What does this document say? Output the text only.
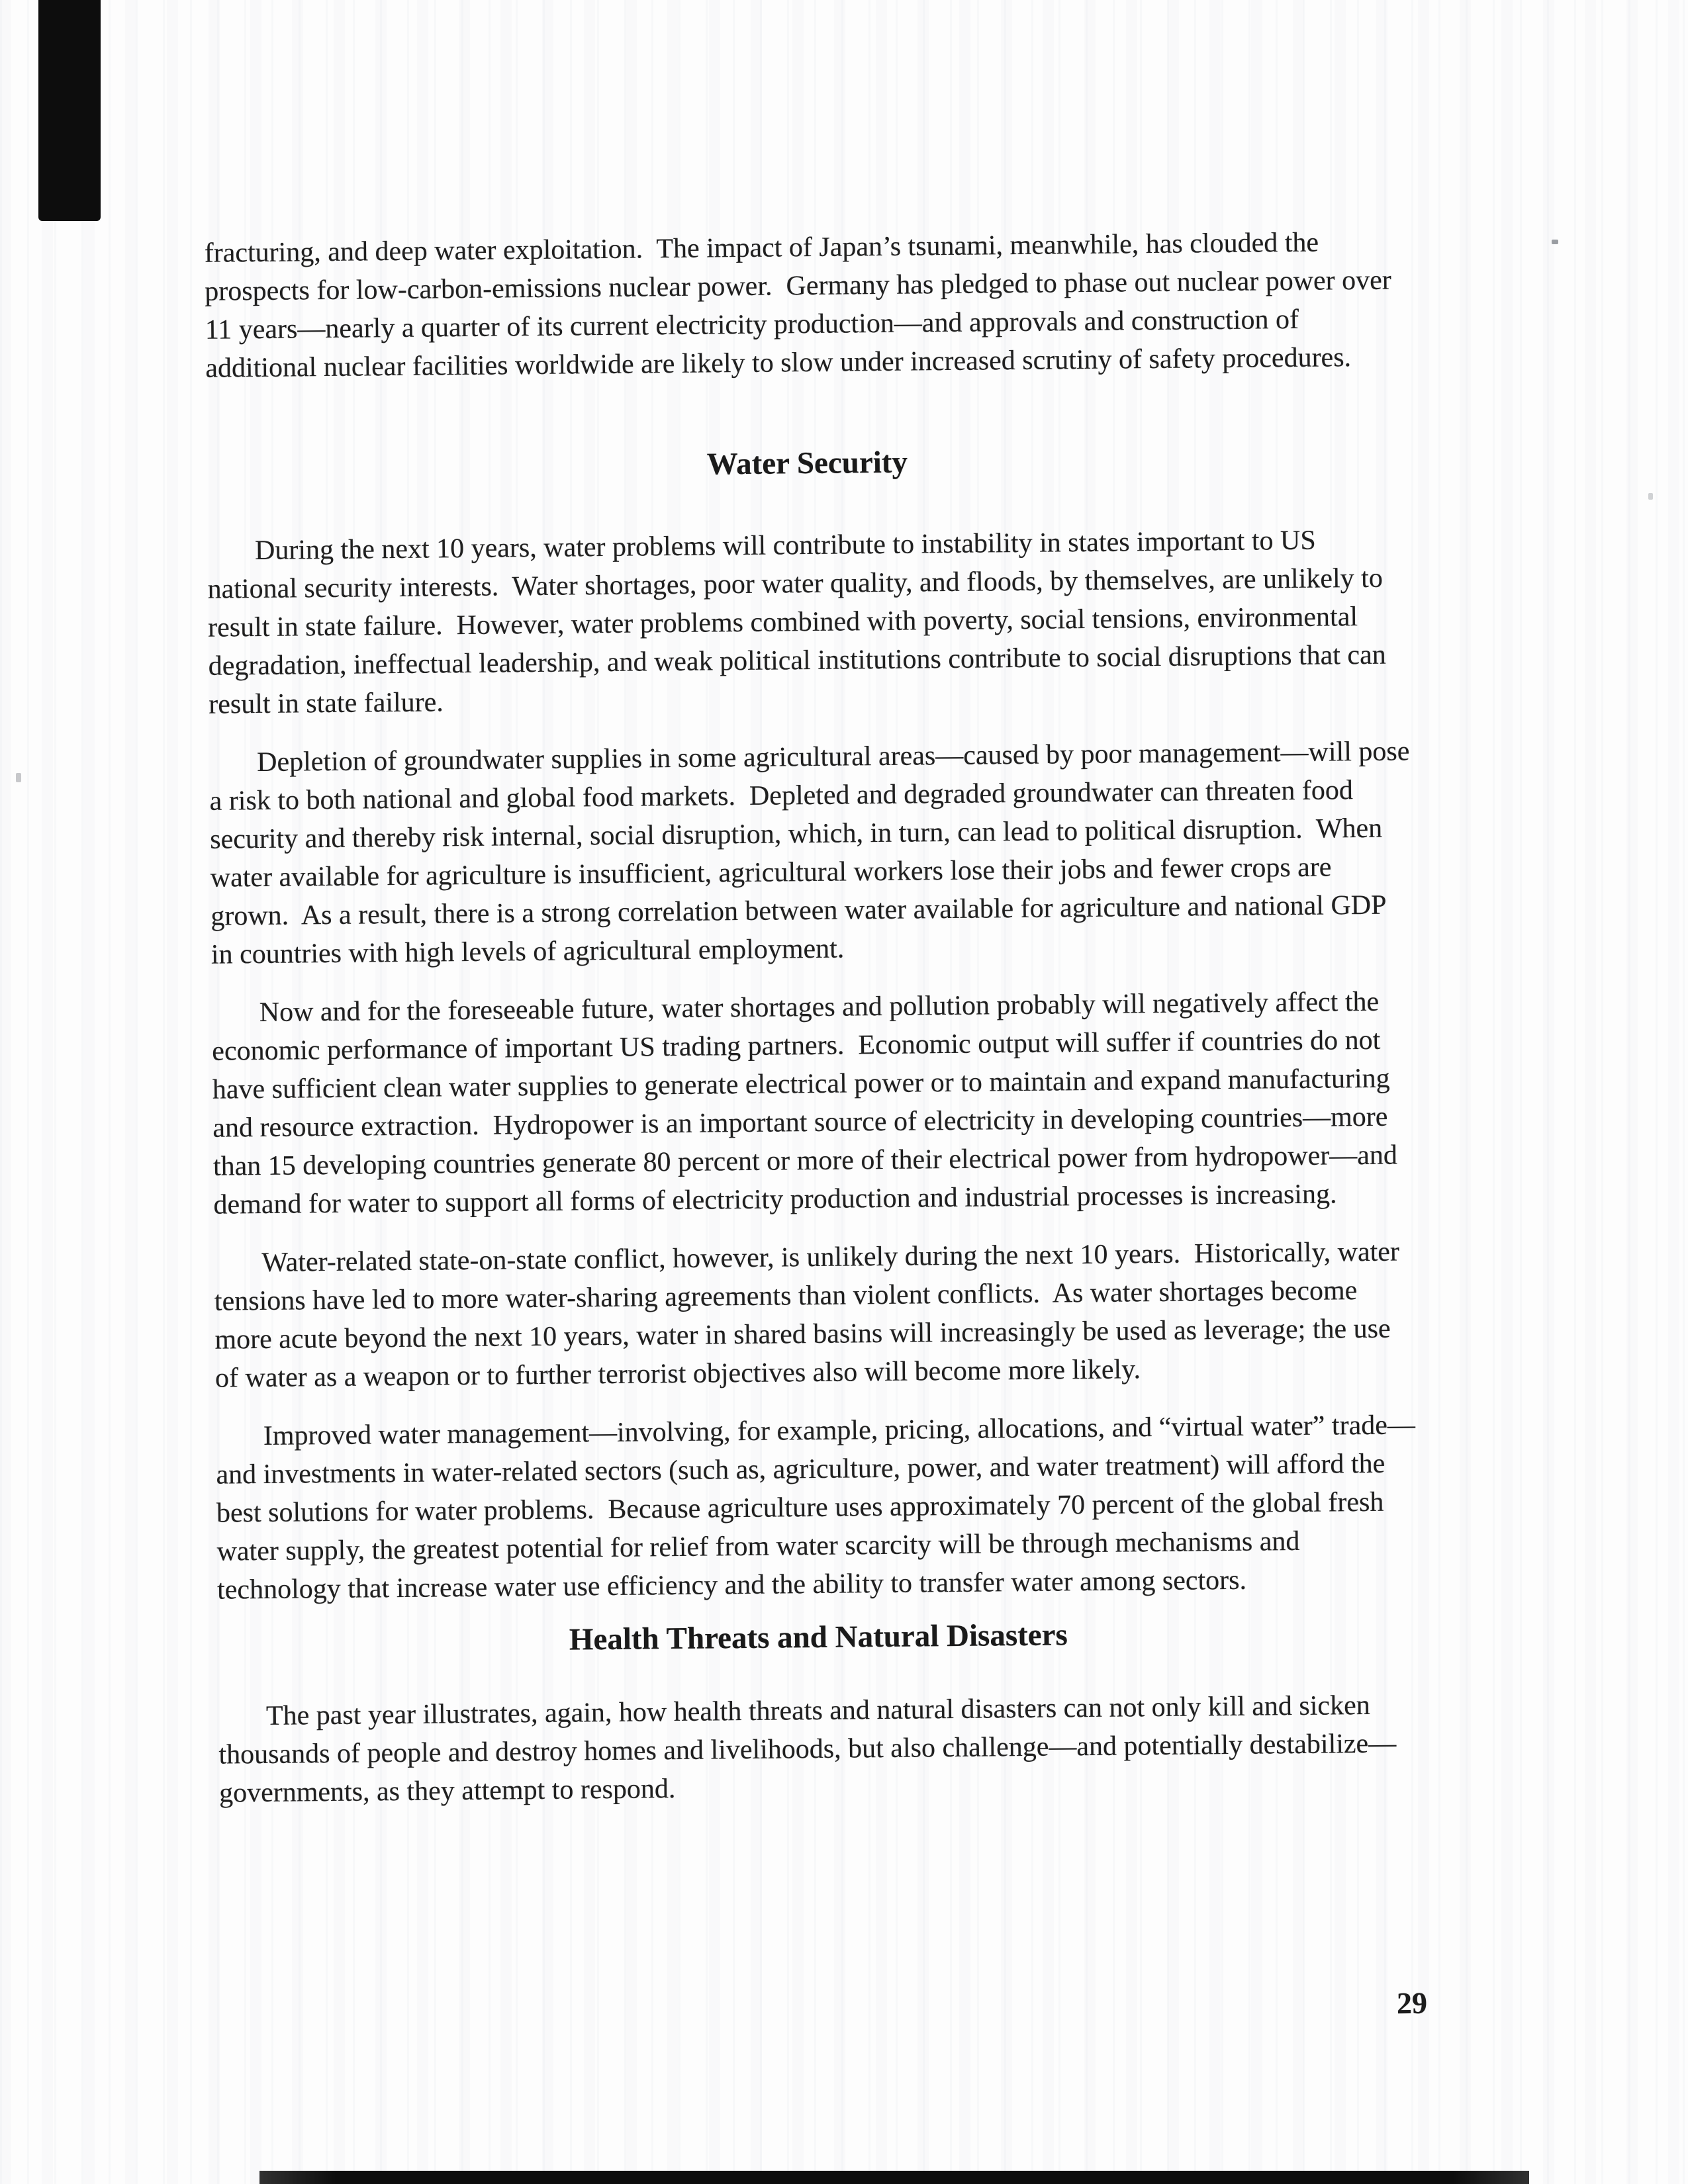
fracturing, and deep water exploitation.  The impact of Japan’s tsunami, meanwhile, has clouded the prospects for low-carbon-emissions nuclear power.  Germany has pledged to phase out nuclear power over 11 years—nearly a quarter of its current electricity production—and approvals and construction of additional nuclear facilities worldwide are likely to slow under increased scrutiny of safety procedures.

Water Security

During the next 10 years, water problems will contribute to instability in states important to US national security interests.  Water shortages, poor water quality, and floods, by themselves, are unlikely to result in state failure.  However, water problems combined with poverty, social tensions, environmental degradation, ineffectual leadership, and weak political institutions contribute to social disruptions that can result in state failure.

Depletion of groundwater supplies in some agricultural areas—caused by poor management—will pose a risk to both national and global food markets.  Depleted and degraded groundwater can threaten food security and thereby risk internal, social disruption, which, in turn, can lead to political disruption.  When water available for agriculture is insufficient, agricultural workers lose their jobs and fewer crops are grown.  As a result, there is a strong correlation between water available for agriculture and national GDP in countries with high levels of agricultural employment.

Now and for the foreseeable future, water shortages and pollution probably will negatively affect the economic performance of important US trading partners.  Economic output will suffer if countries do not have sufficient clean water supplies to generate electrical power or to maintain and expand manufacturing and resource extraction.  Hydropower is an important source of electricity in developing countries—more than 15 developing countries generate 80 percent or more of their electrical power from hydropower—and demand for water to support all forms of electricity production and industrial processes is increasing.

Water-related state-on-state conflict, however, is unlikely during the next 10 years.  Historically, water tensions have led to more water-sharing agreements than violent conflicts.  As water shortages become more acute beyond the next 10 years, water in shared basins will increasingly be used as leverage; the use of water as a weapon or to further terrorist objectives also will become more likely.

Improved water management—involving, for example, pricing, allocations, and “virtual water” trade—and investments in water-related sectors (such as, agriculture, power, and water treatment) will afford the best solutions for water problems.  Because agriculture uses approximately 70 percent of the global fresh water supply, the greatest potential for relief from water scarcity will be through mechanisms and technology that increase water use efficiency and the ability to transfer water among sectors.

Health Threats and Natural Disasters

The past year illustrates, again, how health threats and natural disasters can not only kill and sicken thousands of people and destroy homes and livelihoods, but also challenge—and potentially destabilize—governments, as they attempt to respond.

29
